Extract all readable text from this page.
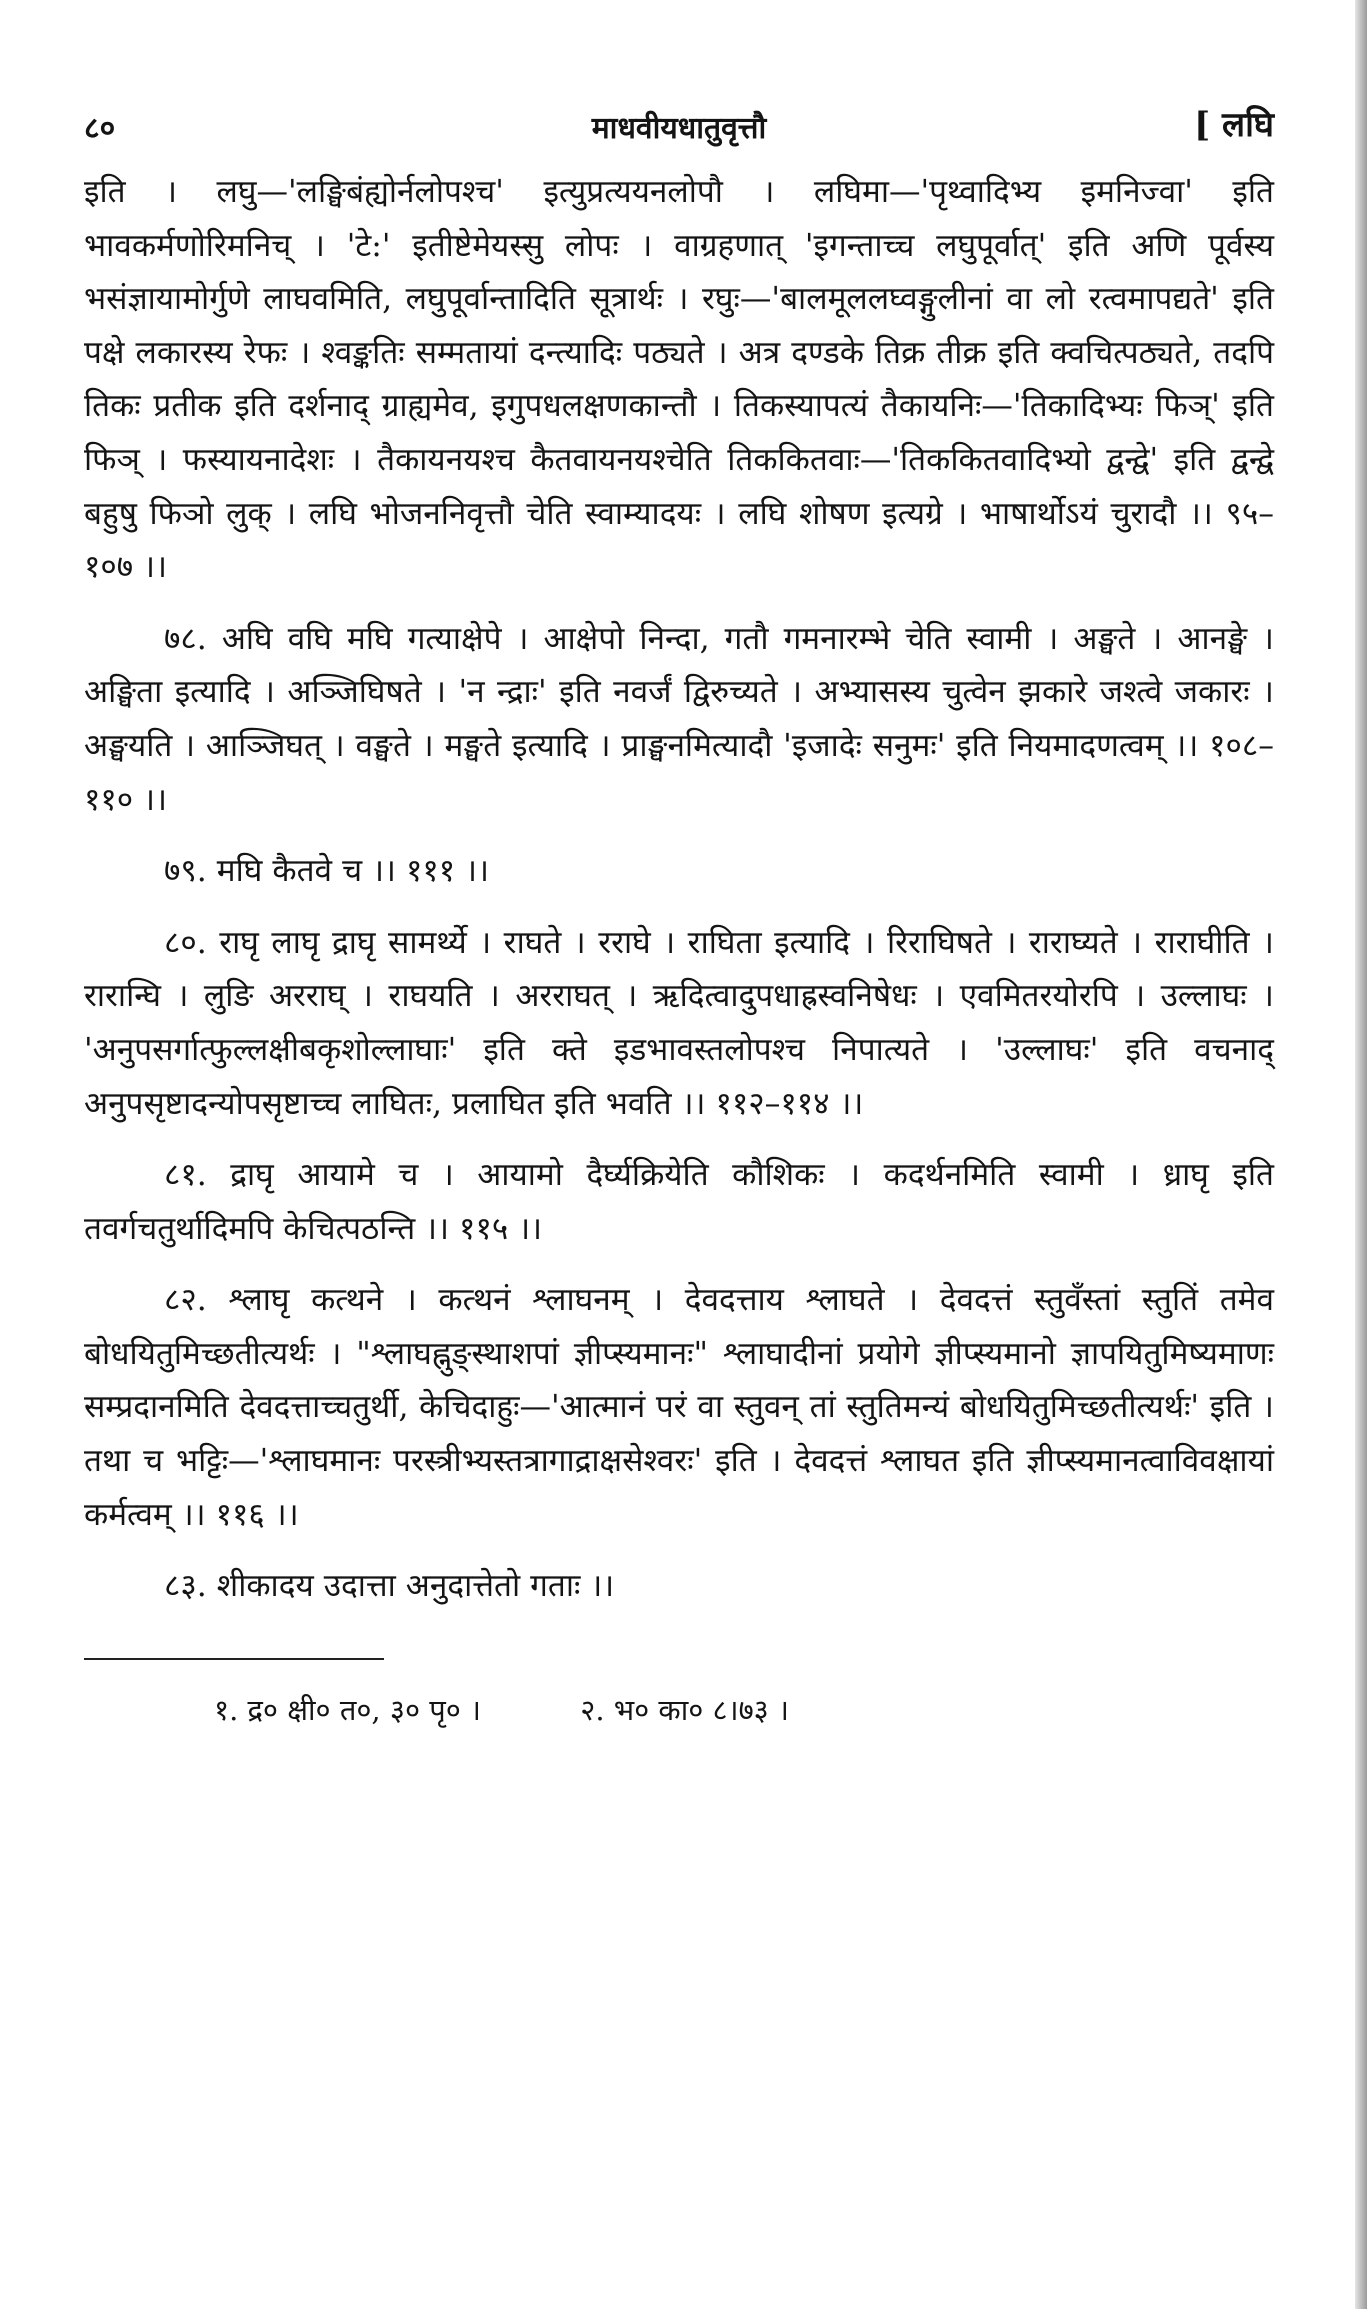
८०	माधवीयधातुवृत्तौ	[ लघि

इति । लघु—'लङ्घिबंह्योर्नलोपश्च' इत्युप्रत्ययनलोपौ । लघिमा—'पृथ्वादिभ्य इमनिज्वा' इति भावकर्मणोरिमनिच् । 'टे:' इतीष्टेमेयस्सु लोपः । वाग्रहणात् 'इगन्ताच्च लघुपूर्वात्' इति अणि पूर्वस्य भसंज्ञायामोर्गुणे लाघवमिति, लघुपूर्वान्तादिति सूत्रार्थः । रघुः—'बालमूललघ्वङ्गुलीनां वा लो रत्वमापद्यते' इति पक्षे लकारस्य रेफः । श्वङ्कतिः सम्मतायां दन्त्यादिः पठ्यते । अत्र दण्डके तिक्र तीक्र इति क्वचित्पठ्यते, तदपि तिकः प्रतीक इति दर्शनाद् ग्राह्यमेव, इगुपधलक्षणकान्तौ । तिकस्यापत्यं तैकायनिः—'तिकादिभ्यः फिञ्' इति फिञ् । फस्यायनादेशः । तैकायनयश्च कैतवायनयश्चेति तिककितवाः—'तिककितवादिभ्यो द्वन्द्वे' इति द्वन्द्वे बहुषु फिञो लुक् । लघि भोजननिवृत्तौ चेति स्वाम्यादयः । लघि शोषण इत्यग्रे । भाषार्थोऽयं चुरादौ ।। ९५–१०७ ।।

७८. अघि वघि मघि गत्याक्षेपे । आक्षेपो निन्दा, गतौ गमनारम्भे चेति स्वामी । अङ्घते । आनङ्घे । अङ्घिता इत्यादि । अञ्जिघिषते । 'न न्द्राः' इति नवर्जं द्विरुच्यते । अभ्यासस्य चुत्वेन झकारे जश्त्वे जकारः । अङ्घयति । आञ्जिघत् । वङ्घते । मङ्घते इत्यादि । प्राङ्घनमित्यादौ 'इजादेः सनुमः' इति नियमादणत्वम् ।। १०८–११० ।।

७९. मघि कैतवे च ।। १११ ।।

८०. राघृ लाघृ द्राघृ सामर्थ्ये । राघते । रराघे । राघिता इत्यादि । रिराघिषते । राराघ्यते । राराघीति । रारान्घि । लुङि अरराघ् । राघयति । अरराघत् । ऋदित्वादुपधाह्रस्वनिषेधः । एवमितरयोरपि । उल्लाघः । 'अनुपसर्गात्फुल्लक्षीबकृशोल्लाघाः' इति क्ते इडभावस्तलोपश्च निपात्यते । 'उल्लाघः' इति वचनाद् अनुपसृष्टादन्योपसृष्टाच्च लाघितः, प्रलाघित इति भवति ।। ११२–११४ ।।

८१. द्राघृ आयामे च । आयामो दैर्घ्यक्रियेति कौशिकः । कदर्थनमिति स्वामी । ध्राघृ इति तवर्गचतुर्थादिमपि केचित्पठन्ति ।। ११५ ।।

८२. श्लाघृ कत्थने । कत्थनं श्लाघनम् । देवदत्ताय श्लाघते । देवदत्तं स्तुवँस्तां स्तुतिं तमेव बोधयितुमिच्छतीत्यर्थः । "श्लाघह्नुङ्स्थाशपां ज्ञीप्स्यमानः" श्लाघादीनां प्रयोगे ज्ञीप्स्यमानो ज्ञापयितुमिष्यमाणः सम्प्रदानमिति देवदत्ताच्चतुर्थी, केचिदाहुः—'आत्मानं परं वा स्तुवन् तां स्तुतिमन्यं बोधयितुमिच्छतीत्यर्थः' इति । तथा च भट्टिः—'श्लाघमानः परस्त्रीभ्यस्तत्रागाद्राक्षसेश्वरः' इति । देवदत्तं श्लाघत इति ज्ञीप्स्यमानत्वाविवक्षायां कर्मत्वम् ।। ११६ ।।

८३. शीकादय उदात्ता अनुदात्तेतो गताः ।।

१. द्र० क्षी० त०, ३० पृ० ।	२. भ० का० ८।७३ ।
